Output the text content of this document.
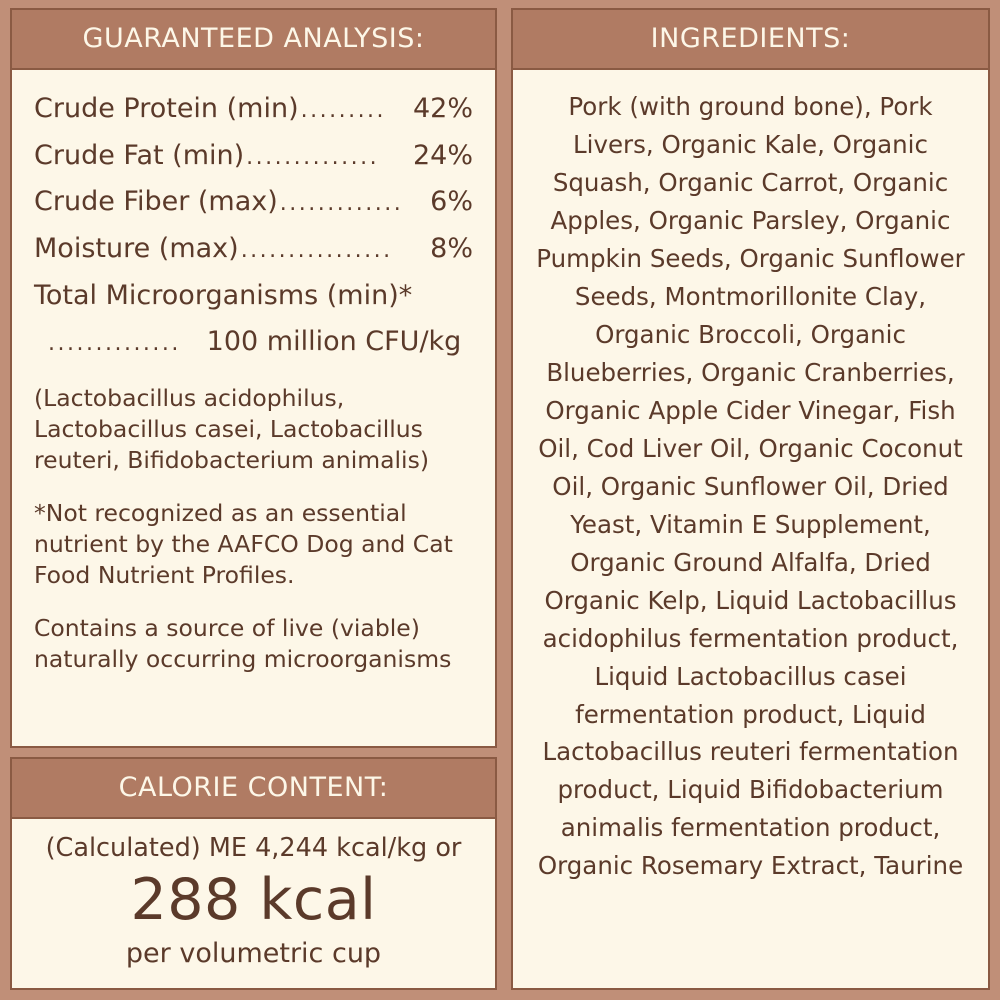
GUARANTEED ANALYSIS:
Crude Protein (min) ......... 42%
Crude Fat (min) ..............	24%
Crude Fiber (max) ............. 6%
Moisture (max) ................	8%
Total Microorganisms (min)*
.............. 100 million CFU/kg
(Lactobacillus acidophilus, Lactobacillus casei, Lactobacillus reuteri, Bifidobacterium animalis)
*Not recognized as an essential nutrient by the AAFCO Dog and Cat Food Nutrient Profiles.
Contains a source of live (viable) naturally occurring microorganisms
CALORIE CONTENT:
(Calculated) ME 4,244 kcal/kg or
288 kcal
per volumetric cup
INGREDIENTS:
Pork (with ground bone), Pork Livers, Organic Kale, Organic Squash, Organic Carrot, Organic Apples, Organic Parsley, Organic Pumpkin Seeds, Organic Sunflower Seeds, Montmorillonite Clay, Organic Broccoli, Organic Blueberries, Organic Cranberries, Organic Apple Cider Vinegar, Fish Oil, Cod Liver Oil, Organic Coconut Oil, Organic Sunflower Oil, Dried Yeast, Vitamin E Supplement, Organic Ground Alfalfa, Dried Organic Kelp, Liquid Lactobacillus acidophilus fermentation product, Liquid Lactobacillus casei fermentation product, Liquid Lactobacillus reuteri fermentation product, Liquid Bifidobacterium animalis fermentation product, Organic Rosemary Extract, Taurine
